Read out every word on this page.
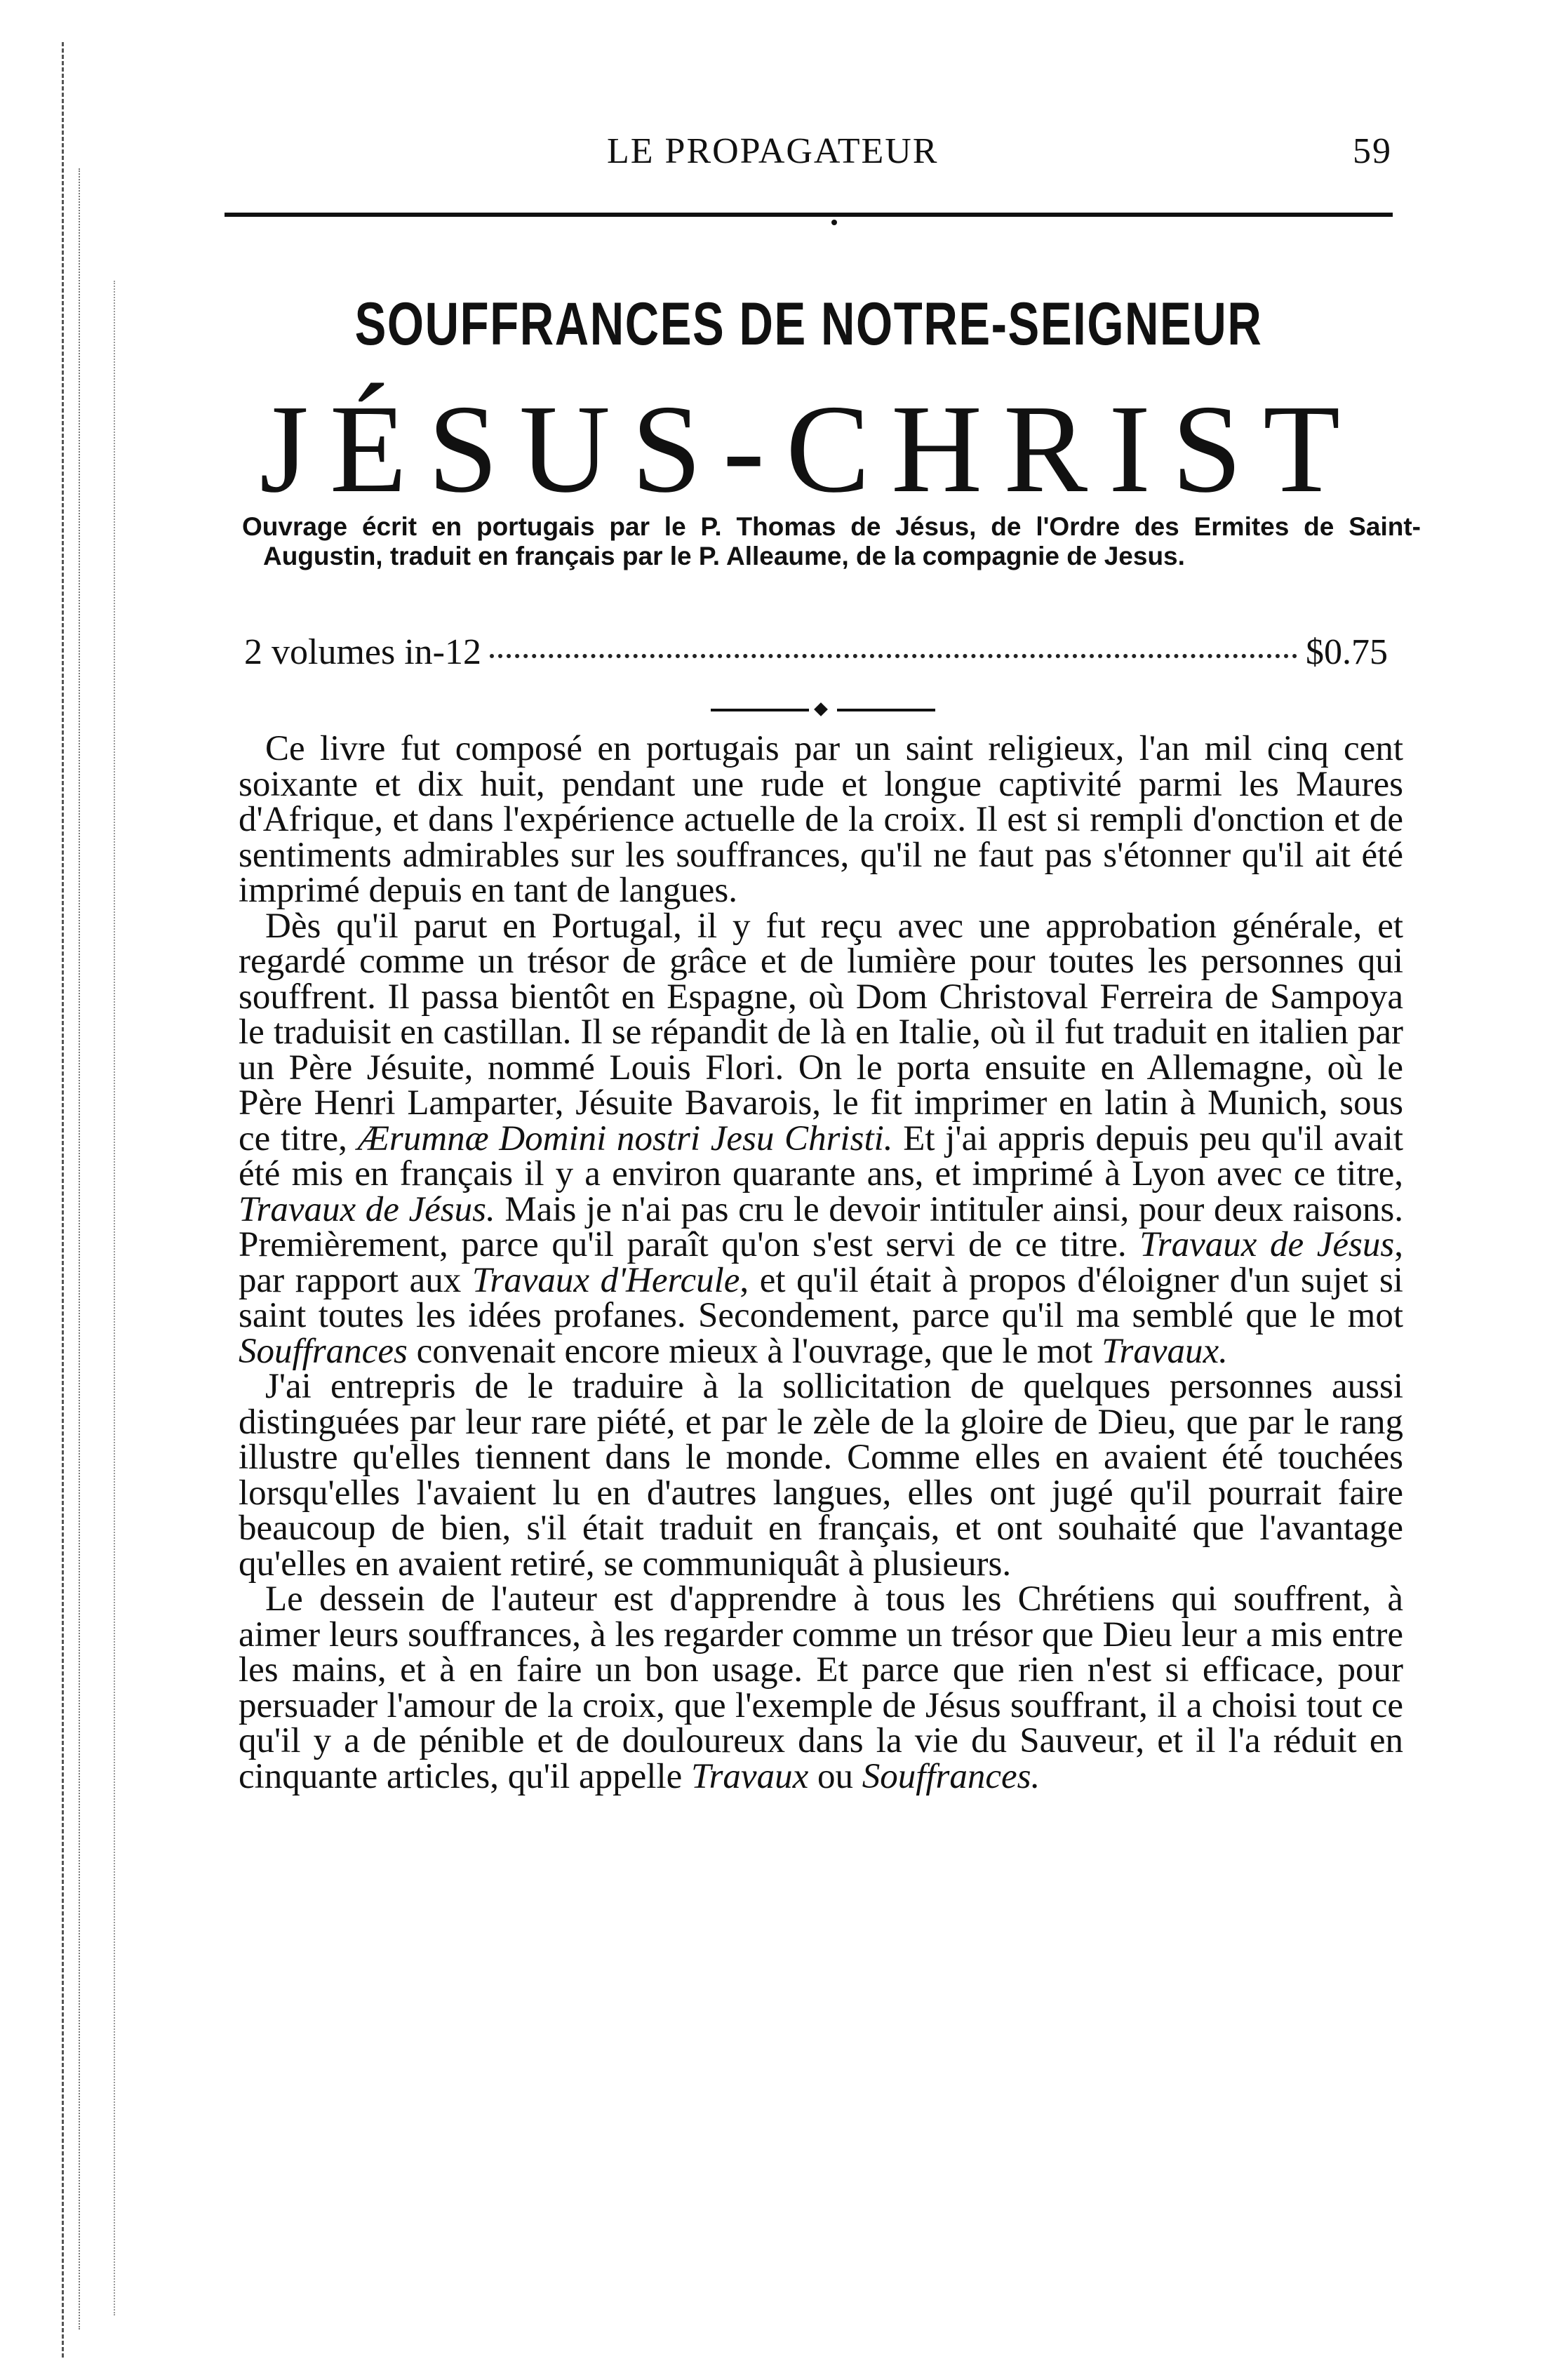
LE PROPAGATEUR	59
SOUFFRANCES DE NOTRE-SEIGNEUR
JÉSUS-CHRIST
Ouvrage écrit en portugais par le P. Thomas de Jésus, de l'Ordre des Ermites de Saint-Augustin, traduit en français par le P. Alleaume, de la compagnie de Jesus.
2 volumes in-12	$0.75

Ce livre fut composé en portugais par un saint religieux, l'an mil cinq cent soixante et dix huit, pendant une rude et longue captivité parmi les Maures d'Afrique, et dans l'expérience actuelle de la croix. Il est si rempli d'onction et de sentiments admirables sur les souffrances, qu'il ne faut pas s'étonner qu'il ait été imprimé depuis en tant de langues.

Dès qu'il parut en Portugal, il y fut reçu avec une approbation générale, et regardé comme un trésor de grâce et de lumière pour toutes les personnes qui souffrent. Il passa bientôt en Espagne, où Dom Christoval Ferreira de Sampoya le traduisit en castillan. Il se répandit de là en Italie, où il fut traduit en italien par un Père Jésuite, nommé Louis Flori. On le porta ensuite en Allemagne, où le Père Henri Lamparter, Jésuite Bavarois, le fit imprimer en latin à Munich, sous ce titre, Ærumnæ Domini nostri Jesu Christi. Et j'ai appris depuis peu qu'il avait été mis en français il y a environ quarante ans, et imprimé à Lyon avec ce titre, Travaux de Jésus. Mais je n'ai pas cru le devoir intituler ainsi, pour deux raisons. Premièrement, parce qu'il paraît qu'on s'est servi de ce titre. Travaux de Jésus, par rapport aux Travaux d'Hercule, et qu'il était à propos d'éloigner d'un sujet si saint toutes les idées profanes. Secondement, parce qu'il ma semblé que le mot Souffrances convenait encore mieux à l'ouvrage, que le mot Travaux.

J'ai entrepris de le traduire à la sollicitation de quelques personnes aussi distinguées par leur rare piété, et par le zèle de la gloire de Dieu, que par le rang illustre qu'elles tiennent dans le monde. Comme elles en avaient été touchées lorsqu'elles l'avaient lu en d'autres langues, elles ont jugé qu'il pourrait faire beaucoup de bien, s'il était traduit en français, et ont souhaité que l'avantage qu'elles en avaient retiré, se communiquât à plusieurs.

Le dessein de l'auteur est d'apprendre à tous les Chrétiens qui souffrent, à aimer leurs souffrances, à les regarder comme un trésor que Dieu leur a mis entre les mains, et à en faire un bon usage. Et parce que rien n'est si efficace, pour persuader l'amour de la croix, que l'exemple de Jésus souffrant, il a choisi tout ce qu'il y a de pénible et de douloureux dans la vie du Sauveur, et il l'a réduit en cinquante articles, qu'il appelle Travaux ou Souffrances.
